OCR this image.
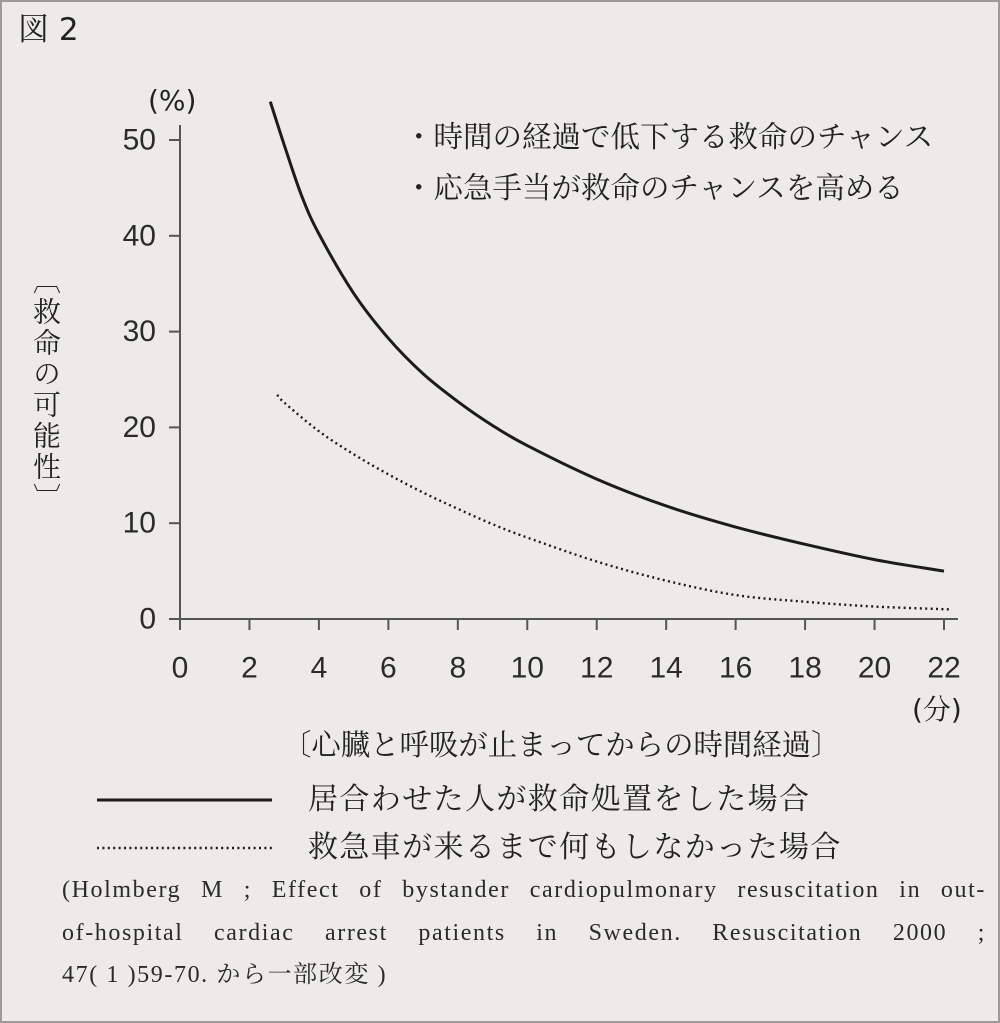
0
10
20
30
40
50
0 2 4 6 8 10 12 14 16 18 20 22
図 2
(%)
・時間の経過で低下する救命のチャンス
・応急手当が救命のチャンスを高める
〔救命の可能性〕
(分)
〔心臓と呼吸が止まってからの時間経過〕
居合わせた人が救命処置をした場合
救急車が来るまで何もしなかった場合

(Holmberg M ; Effect of bystander cardiopulmonary resuscitation in out-

of-hospital cardiac arrest patients in Sweden. Resuscitation 2000 ;

47( 1 )59-70. から一部改変 )
